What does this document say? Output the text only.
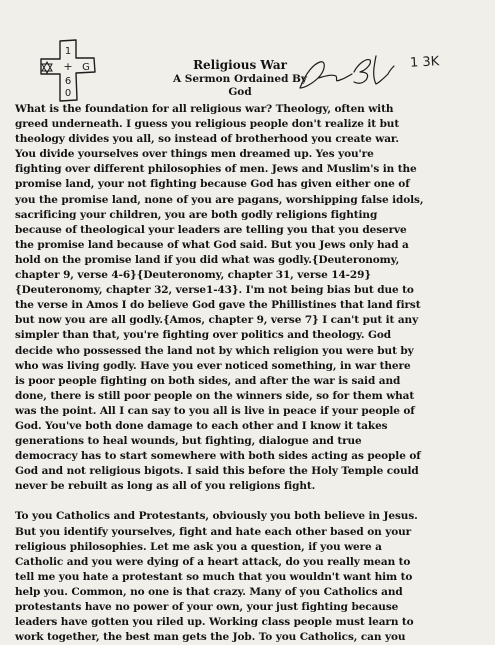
1
+ G
6
0
Religious War
A Sermon Ordained By God
1 3K

What is the foundation for all religious war? Theology, often with
greed underneath. I guess you religious people don't realize it but
theology divides you all, so instead of brotherhood you create war.
You divide yourselves over things men dreamed up. Yes you're
fighting over different philosophies of men. Jews and Muslim's in the
promise land, your not fighting because God has given either one of
you the promise land, none of you are pagans, worshipping false idols,
sacrificing your children, you are both godly religions fighting
because of theological your leaders are telling you that you deserve
the promise land because of what God said. But you Jews only had a
hold on the promise land if you did what was godly.{Deuteronomy,
chapter 9, verse 4-6}{Deuteronomy, chapter 31, verse 14-29}
{Deuteronomy, chapter 32, verse1-43}. I'm not being bias but due to
the verse in Amos I do believe God gave the Phillistines that land first
but now you are all godly.{Amos, chapter 9, verse 7} I can't put it any
simpler than that, you're fighting over politics and theology. God
decide who possessed the land not by which religion you were but by
who was living godly. Have you ever noticed something, in war there
is poor people fighting on both sides, and after the war is said and
done, there is still poor people on the winners side, so for them what
was the point. All I can say to you all is live in peace if your people of
God. You've both done damage to each other and I know it takes
generations to heal wounds, but fighting, dialogue and true
democracy has to start somewhere with both sides acting as people of
God and not religious bigots. I said this before the Holy Temple could
never be rebuilt as long as all of you religions fight.

To you Catholics and Protestants, obviously you both believe in Jesus.
But you identify yourselves, fight and hate each other based on your
religious philosophies. Let me ask you a question, if you were a
Catholic and you were dying of a heart attack, do you really mean to
tell me you hate a protestant so much that you wouldn't want him to
help you. Common, no one is that crazy. Many of you Catholics and
protestants have no power of your own, your just fighting because
leaders have gotten you riled up. Working class people must learn to
work together, the best man gets the Job. To you Catholics, can you
